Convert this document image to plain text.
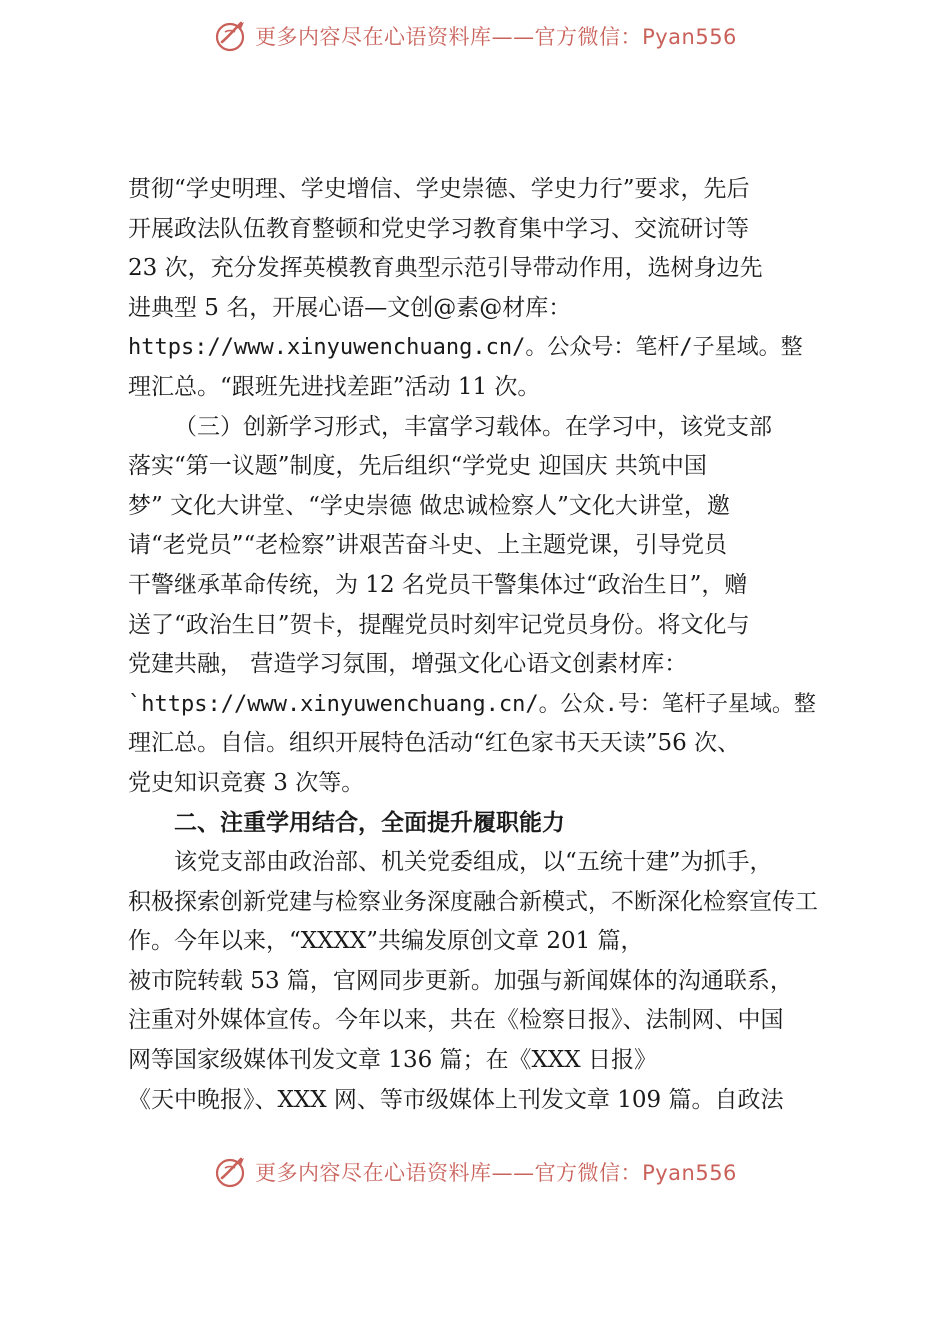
更多内容尽在心语资料库——官方微信：Pyan556
贯彻“学史明理、学史增信、学史崇德、学史力行”要求，先后
开展政法队伍教育整顿和党史学习教育集中学习、交流研讨等
23 次，充分发挥英模教育典型示范引导带动作用，选树身边先
进典型 5 名，开展心语—文创@素@材库：
https://www.xinyuwenchuang.cn/。公众号：笔杆/子星域。整
理汇总。“跟班先进找差距”活动 11 次。
（三）创新学习形式，丰富学习载体。在学习中，该党支部
落实“第一议题”制度，先后组织“学党史 迎国庆 共筑中国
梦” 文化大讲堂、“学史崇德 做忠诚检察人”文化大讲堂，邀
请“老党员”“老检察”讲艰苦奋斗史、上主题党课，引导党员
干警继承革命传统，为 12 名党员干警集体过“政治生日”，赠
送了“政治生日”贺卡，提醒党员时刻牢记党员身份。将文化与
党建共融， 营造学习氛围，增强文化心语文创素材库：
`https://www.xinyuwenchuang.cn/。公众.号：笔杆子星域。整
理汇总。自信。组织开展特色活动“红色家书天天读”56 次、
党史知识竞赛 3 次等。
二、注重学用结合，全面提升履职能力
该党支部由政治部、机关党委组成，以“五统十建”为抓手，
积极探索创新党建与检察业务深度融合新模式，不断深化检察宣传工
作。今年以来，“XXXX”共编发原创文章 201 篇，
被市院转载 53 篇，官网同步更新。加强与新闻媒体的沟通联系，
注重对外媒体宣传。今年以来，共在《检察日报》、法制网、中国
网等国家级媒体刊发文章 136 篇；在《XXX 日报》
《天中晚报》、XXX 网、等市级媒体上刊发文章 109 篇。自政法
更多内容尽在心语资料库——官方微信：Pyan556
